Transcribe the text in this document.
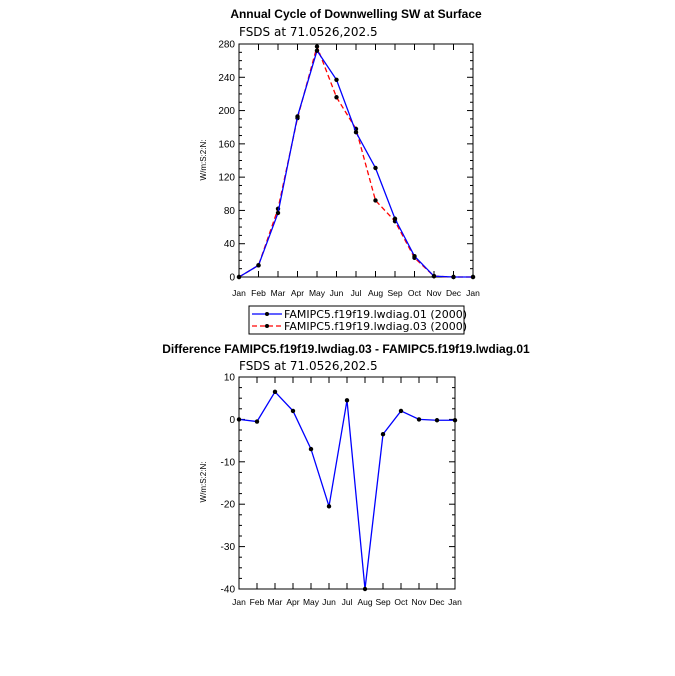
Annual Cycle of Downwelling SW at Surface
FSDS at 71.0526,202.5
W/m:S:2:N:
0
40
80
120
160
200
240
280
Jan Feb Mar Apr May Jun Jul Aug Sep Oct Nov Dec Jan
FAMIPC5.f19f19.lwdiag.01 (2000)
FAMIPC5.f19f19.lwdiag.03 (2000)
Difference FAMIPC5.f19f19.lwdiag.03 - FAMIPC5.f19f19.lwdiag.01
FSDS at 71.0526,202.5
W/m:S:2:N:
-40
-30
-20
-10
0
10
Jan Feb Mar Apr May Jun Jul Aug Sep Oct Nov Dec Jan
